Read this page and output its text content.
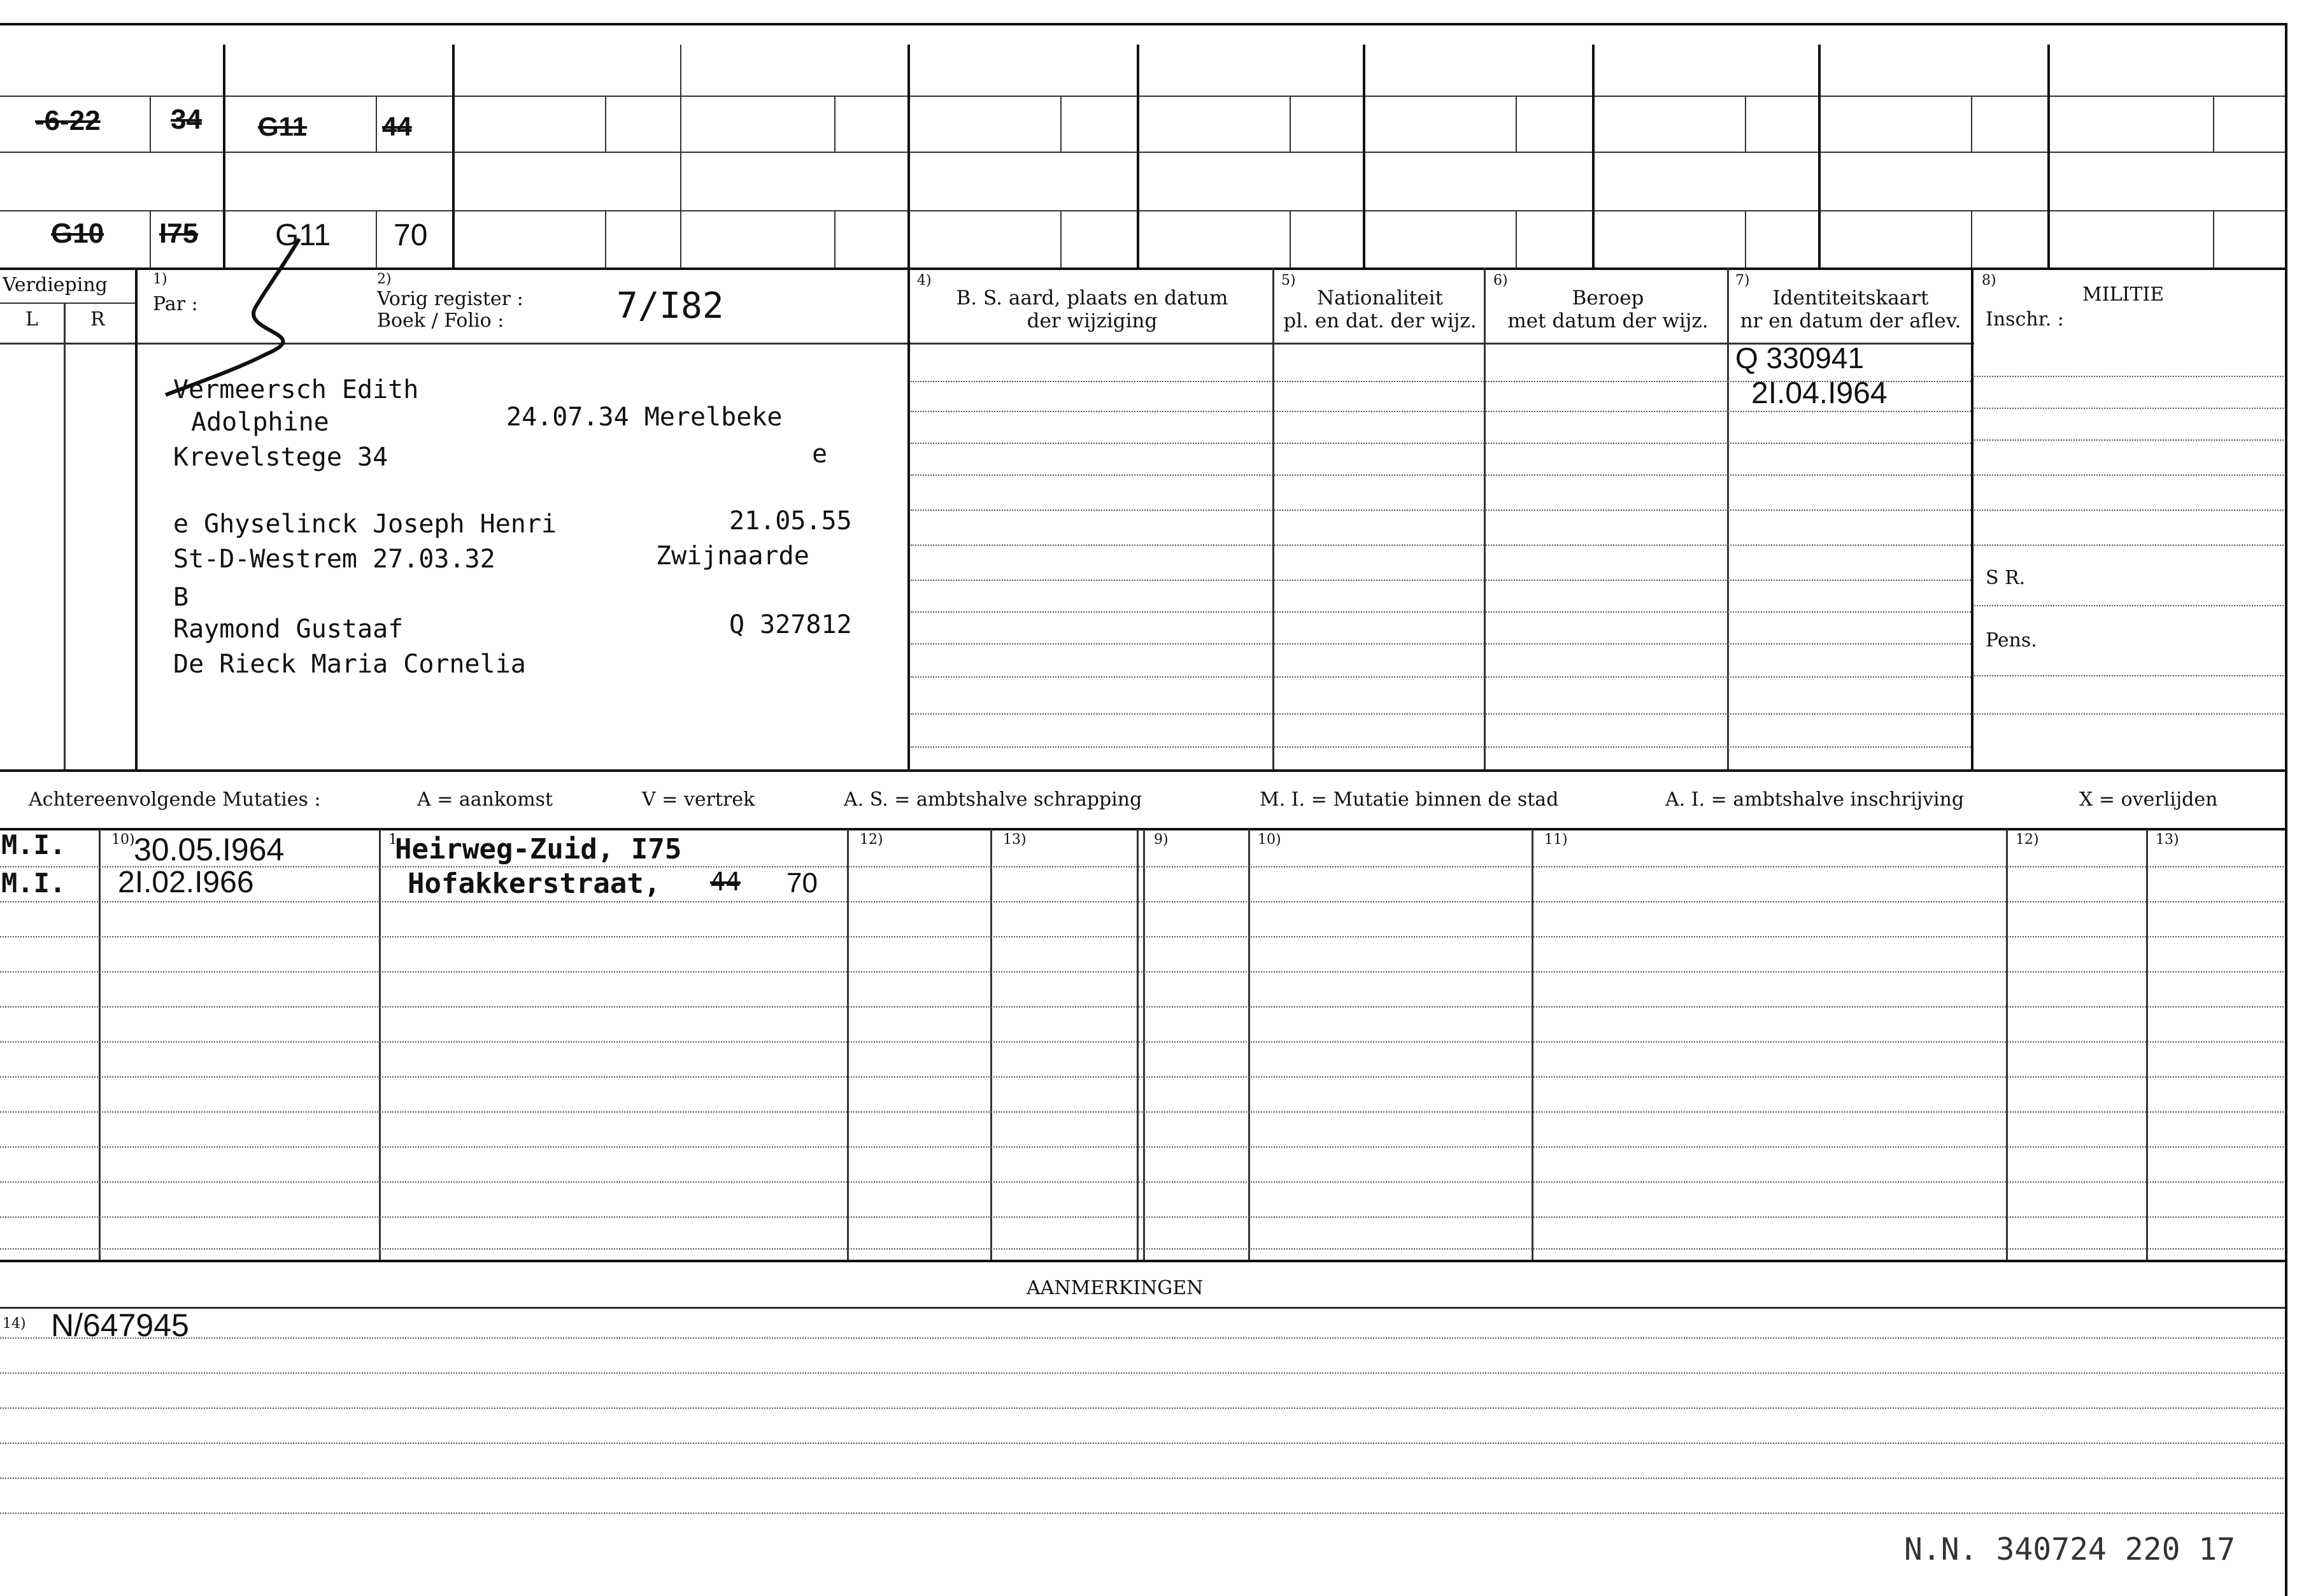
-6-22	34 G11	44
G10 I75	G11 70
Verdieping
L	R
1)
Par :
2)
Vorig register :
Boek / Folio :	7/I82
4)
B. S. aard, plaats en datum
der wijziging
5)
Nationaliteit
pl. en dat. der wijz.
6)
Beroep
met datum der wijz.
7)
Identiteitskaart
nr en datum der aflev.
8)
MILITIE
Inschr. :
Vermeersch Edith
Adolphine	24.07.34 Merelbeke
Krevelstege 34	e
e Ghyselinck Joseph Henri	21.05.55
St-D-Westrem 27.03.32	Zwijnaarde
B
Raymond Gustaaf	Q 327812
De Rieck Maria Cornelia
Q 330941
2I.04.I964
S R.
Pens.
Achtereenvolgende Mutaties :	A = aankomst	V = vertrek	A. S. = ambtshalve schrapping	M. I. = Mutatie binnen de stad	A. I. = ambtshalve inschrijving	X = overlijden
10)	1	12)	13)	9)	10)	11)	12)	13)
M.I. 30.05.I964	Heirweg-Zuid, I75
M.I. 2I.02.I966	Hofakkerstraat, 44 70
AANMERKINGEN
14) N/647945
N.N. 340724 220 17
